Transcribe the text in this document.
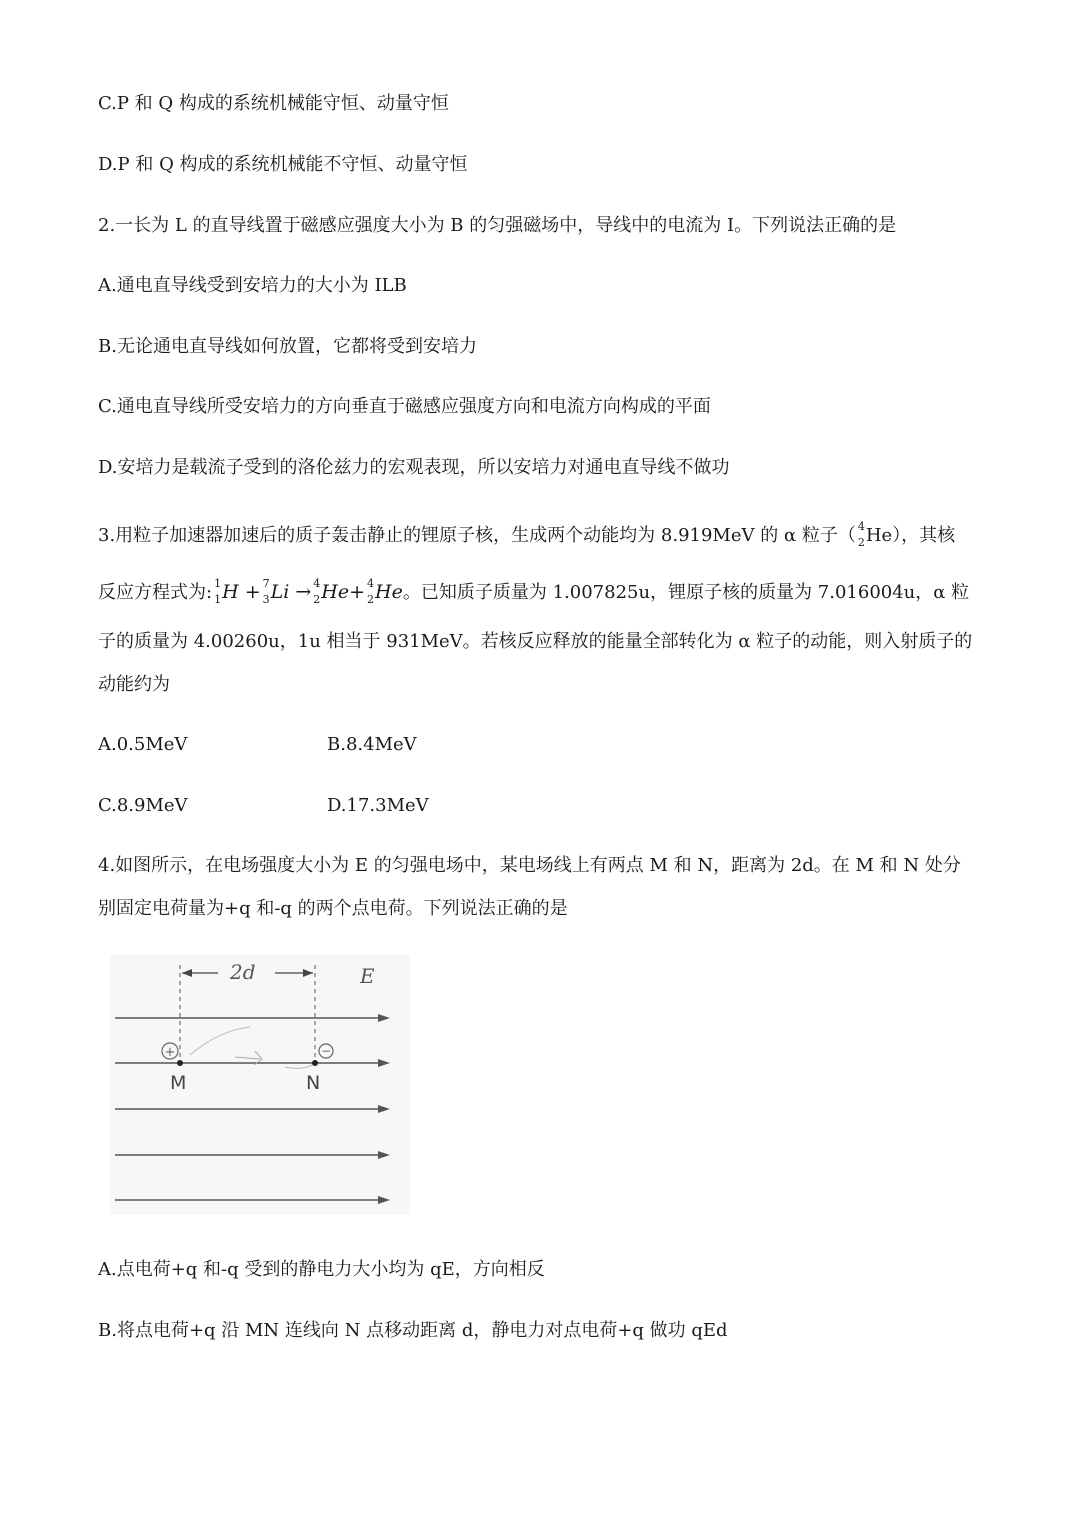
C.P 和 Q 构成的系统机械能守恒、动量守恒
D.P 和 Q 构成的系统机械能不守恒、动量守恒
2.一长为 L 的直导线置于磁感应强度大小为 B 的匀强磁场中，导线中的电流为 I。下列说法正确的是
A.通电直导线受到安培力的大小为 ILB
B.无论通电直导线如何放置，它都将受到安培力
C.通电直导线所受安培力的方向垂直于磁感应强度方向和电流方向构成的平面
D.安培力是载流子受到的洛伦兹力的宏观表现，所以安培力对通电直导线不做功
3.用粒子加速器加速后的质子轰击静止的锂原子核，生成两个动能均为 8.919MeV 的 α 粒子（ 4
2 He），其核
反应方程式为: 1
1 H + 7
3 Li → 4
2 He+ 4
2 He。已知质子质量为 1.007825u，锂原子核的质量为 7.016004u，α 粒
子的质量为 4.00260u，1u 相当于 931MeV。若核反应释放的能量全部转化为 α 粒子的动能，则入射质子的
动能约为
A.0.5MeV	B.8.4MeV
C.8.9MeV	D.17.3MeV
4.如图所示，在电场强度大小为 E 的匀强电场中，某电场线上有两点 M 和 N，距离为 2d。在 M 和 N 处分
别固定电荷量为+q 和-q 的两个点电荷。下列说法正确的是
2d	E
+	−
M	N
A.点电荷+q 和-q 受到的静电力大小均为 qE，方向相反
B.将点电荷+q 沿 MN 连线向 N 点移动距离 d，静电力对点电荷+q 做功 qEd
